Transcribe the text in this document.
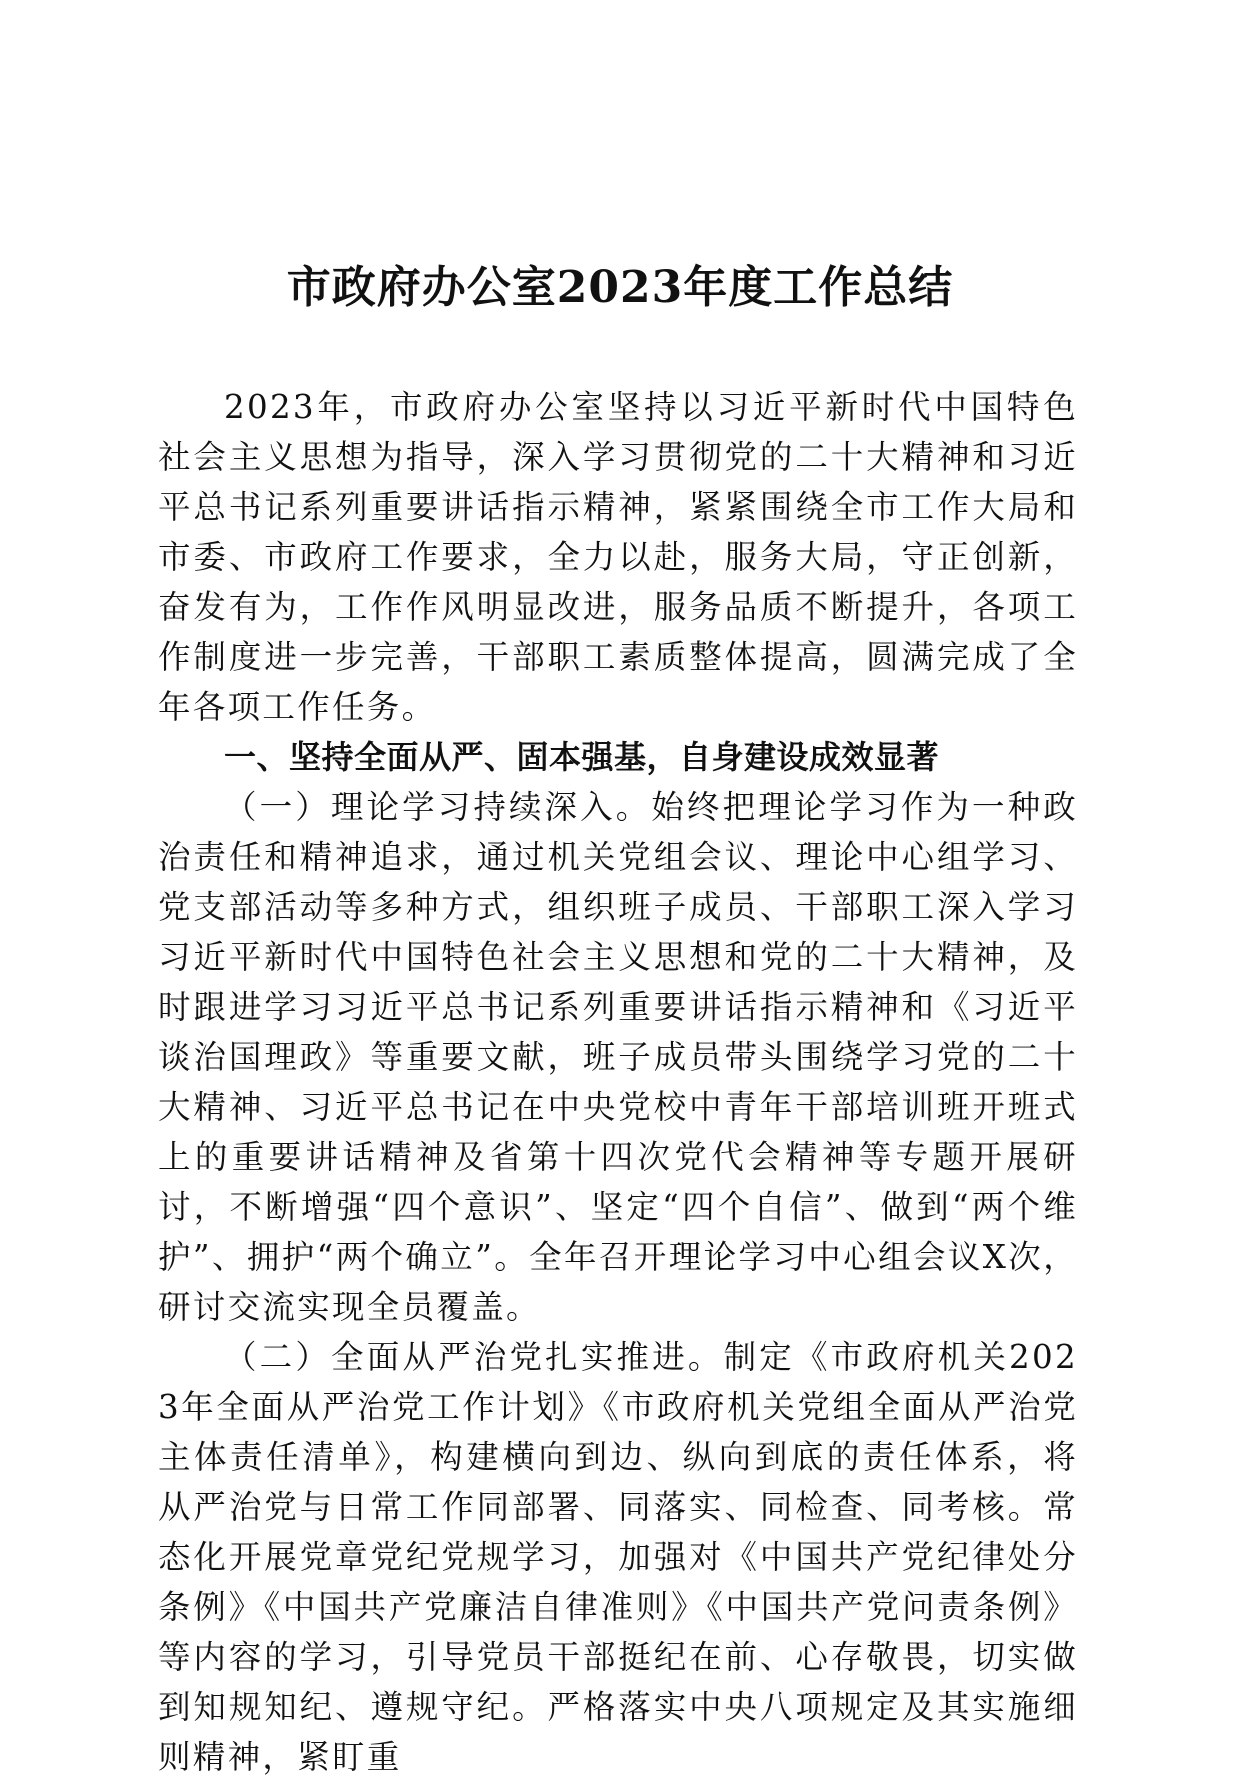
市政府办公室2023年度工作总结

2023年，市政府办公室坚持以习近平新时代中国特色社会主义思想为指导，深入学习贯彻党的二十大精神和习近平总书记系列重要讲话指示精神，紧紧围绕全市工作大局和市委、市政府工作要求，全力以赴，服务大局，守正创新，奋发有为，工作作风明显改进，服务品质不断提升，各项工作制度进一步完善，干部职工素质整体提高，圆满完成了全年各项工作任务。

一、坚持全面从严、固本强基，自身建设成效显著

（一）理论学习持续深入。始终把理论学习作为一种政治责任和精神追求，通过机关党组会议、理论中心组学习、党支部活动等多种方式，组织班子成员、干部职工深入学习习近平新时代中国特色社会主义思想和党的二十大精神，及时跟进学习习近平总书记系列重要讲话指示精神和《习近平谈治国理政》等重要文献，班子成员带头围绕学习党的二十大精神、习近平总书记在中央党校中青年干部培训班开班式上的重要讲话精神及省第十四次党代会精神等专题开展研讨，不断增强“四个意识”、坚定“四个自信”、做到“两个维护”、拥护“两个确立”。全年召开理论学习中心组会议X次，研讨交流实现全员覆盖。

（二）全面从严治党扎实推进。制定《市政府机关2023年全面从严治党工作计划》《市政府机关党组全面从严治党主体责任清单》，构建横向到边、纵向到底的责任体系，将从严治党与日常工作同部署、同落实、同检查、同考核。常态化开展党章党纪党规学习，加强对《中国共产党纪律处分条例》《中国共产党廉洁自律准则》《中国共产党问责条例》等内容的学习，引导党员干部挺纪在前、心存敬畏，切实做到知规知纪、遵规守纪。严格落实中央八项规定及其实施细则精神，紧盯重
